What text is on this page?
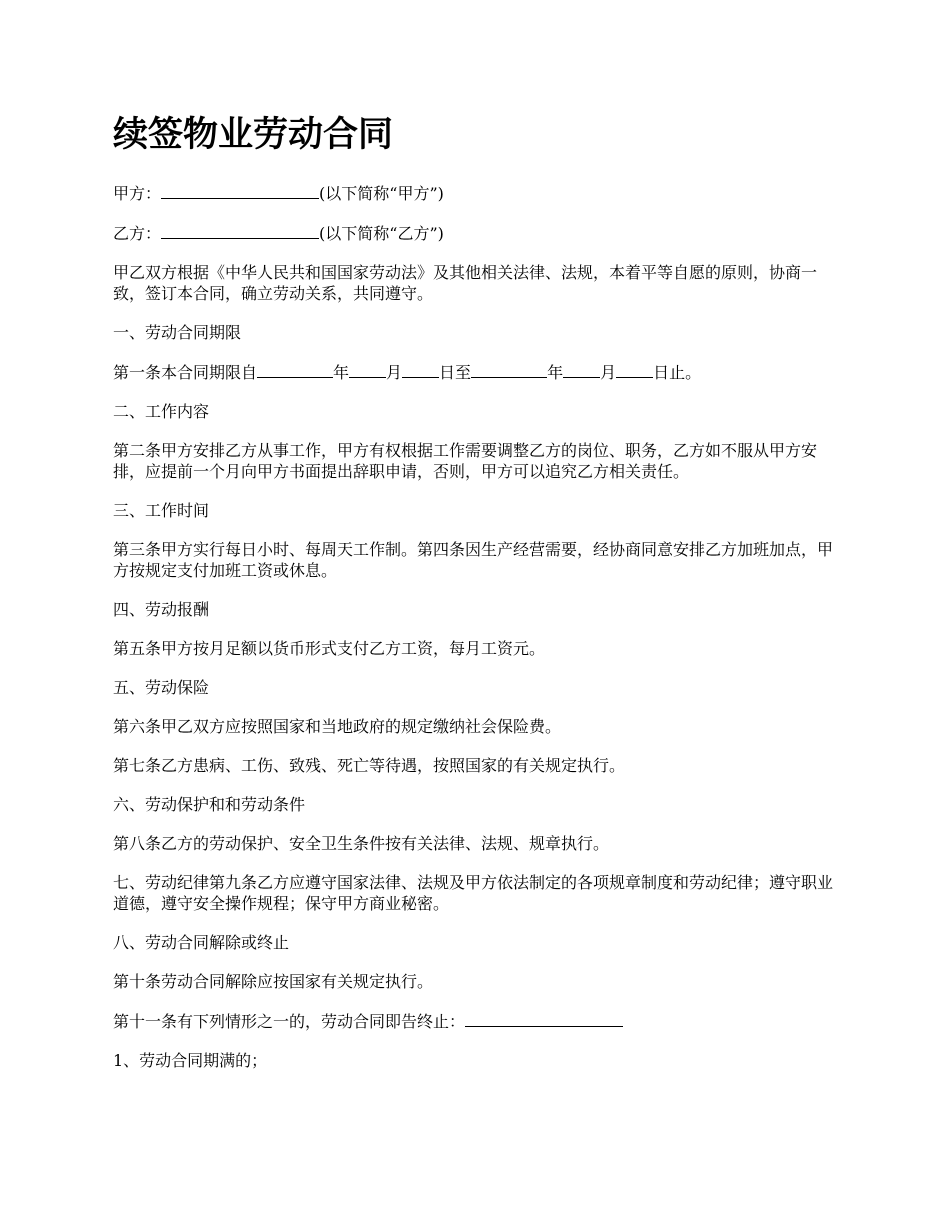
续签物业劳动合同

甲方：	(以下简称“甲方”)

乙方：	(以下简称“乙方”)

甲乙双方根据《中华人民共和国国家劳动法》及其他相关法律、法规，本着平等自愿的原则，协商一致，签订本合同，确立劳动关系，共同遵守。

一、劳动合同期限

第一条本合同期限自	年 月 日至	年 月 日止。

二、工作内容

第二条甲方安排乙方从事工作，甲方有权根据工作需要调整乙方的岗位、职务，乙方如不服从甲方安排，应提前一个月向甲方书面提出辞职申请，否则，甲方可以追究乙方相关责任。

三、工作时间

第三条甲方实行每日小时、每周天工作制。第四条因生产经营需要，经协商同意安排乙方加班加点，甲方按规定支付加班工资或休息。

四、劳动报酬

第五条甲方按月足额以货币形式支付乙方工资，每月工资元。

五、劳动保险

第六条甲乙双方应按照国家和当地政府的规定缴纳社会保险费。

第七条乙方患病、工伤、致残、死亡等待遇，按照国家的有关规定执行。

六、劳动保护和和劳动条件

第八条乙方的劳动保护、安全卫生条件按有关法律、法规、规章执行。

七、劳动纪律第九条乙方应遵守国家法律、法规及甲方依法制定的各项规章制度和劳动纪律；遵守职业道德，遵守安全操作规程；保守甲方商业秘密。

八、劳动合同解除或终止

第十条劳动合同解除应按国家有关规定执行。

第十一条有下列情形之一的，劳动合同即告终止：

1、劳动合同期满的；
